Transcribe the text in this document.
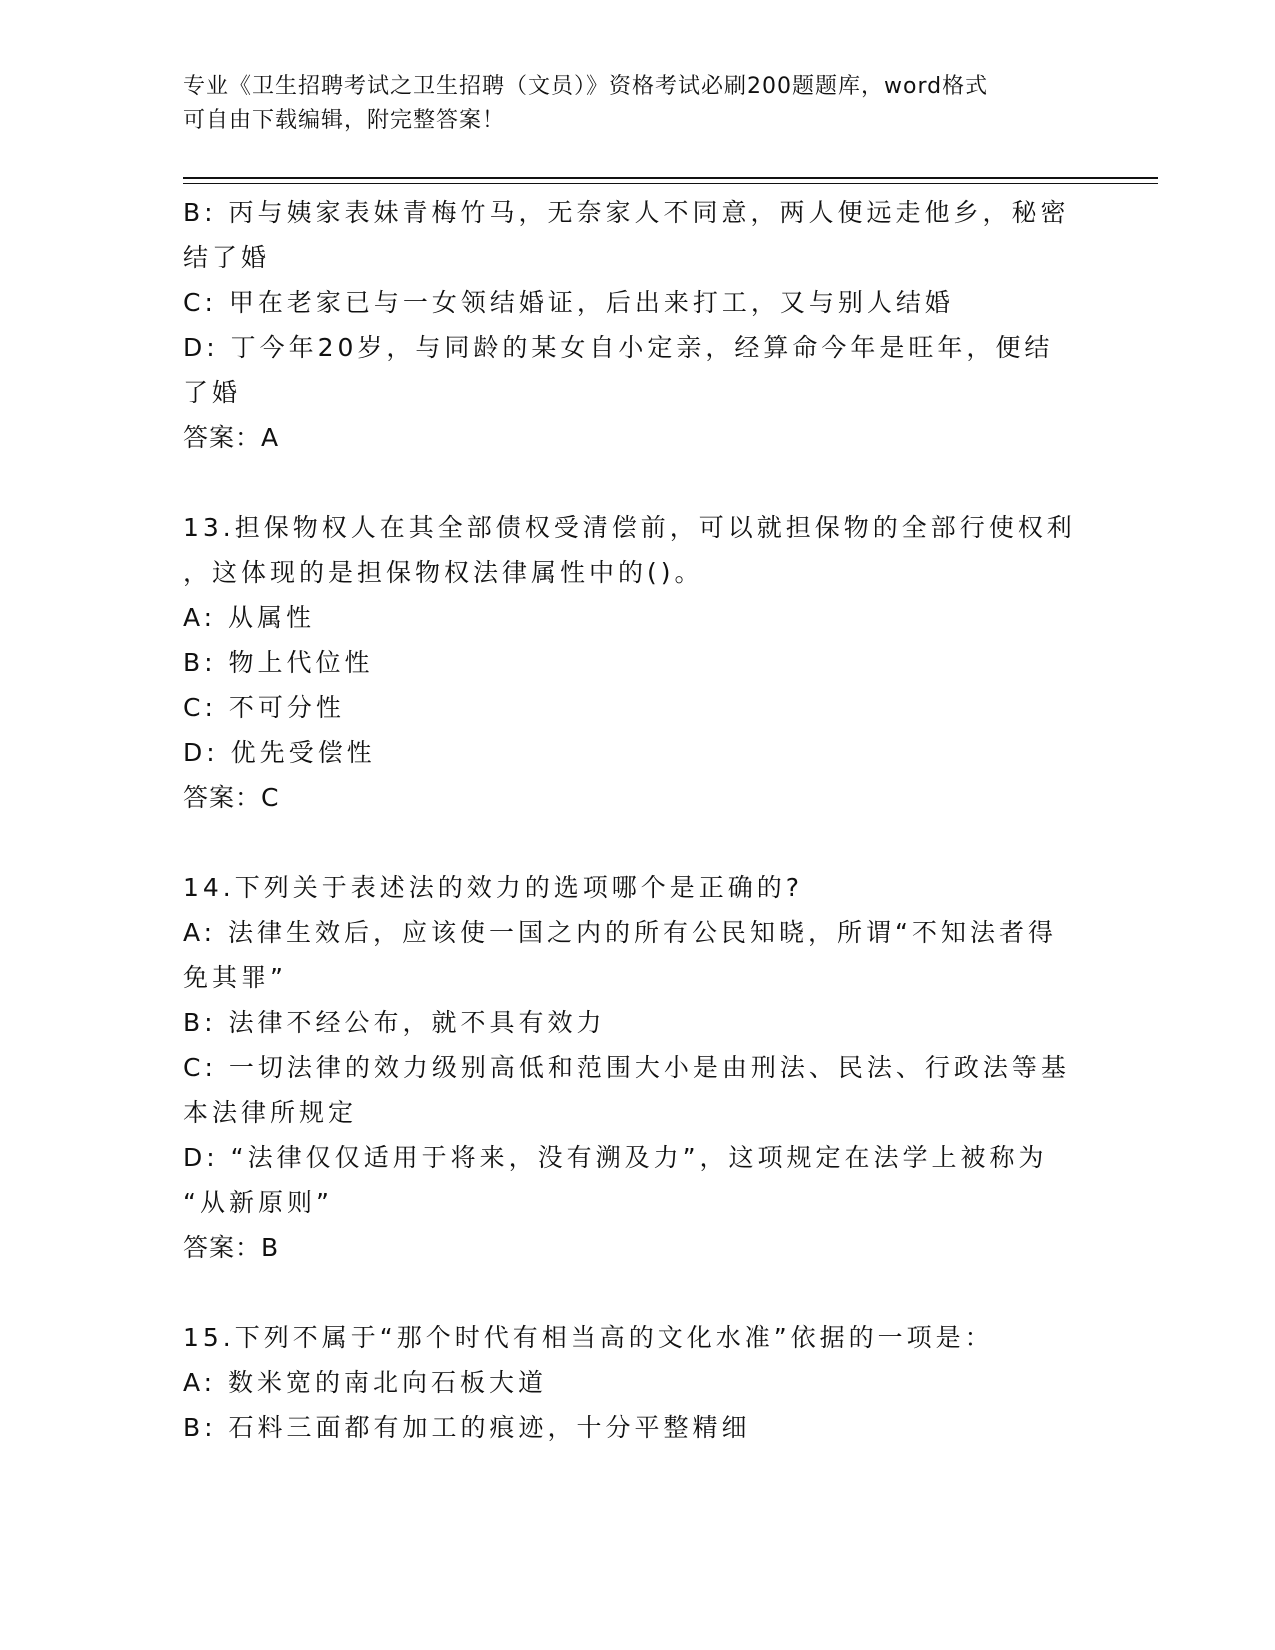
专业《卫生招聘考试之卫生招聘（文员）》资格考试必刷200题题库，word格式
可自由下载编辑，附完整答案！
B: 丙与姨家表妹青梅竹马，无奈家人不同意，两人便远走他乡，秘密
结了婚
C: 甲在老家已与一女领结婚证，后出来打工，又与别人结婚
D: 丁今年20岁，与同龄的某女自小定亲，经算命今年是旺年，便结
了婚
答案：A
13.担保物权人在其全部债权受清偿前，可以就担保物的全部行使权利
，这体现的是担保物权法律属性中的()。
A: 从属性
B: 物上代位性
C: 不可分性
D: 优先受偿性
答案：C
14.下列关于表述法的效力的选项哪个是正确的?
A: 法律生效后，应该使一国之内的所有公民知晓，所谓“不知法者得
免其罪”
B: 法律不经公布，就不具有效力
C: 一切法律的效力级别高低和范围大小是由刑法、民法、行政法等基
本法律所规定
D: “法律仅仅适用于将来，没有溯及力”，这项规定在法学上被称为
“从新原则”
答案：B
15.下列不属于“那个时代有相当高的文化水准”依据的一项是：
A: 数米宽的南北向石板大道
B: 石料三面都有加工的痕迹，十分平整精细
